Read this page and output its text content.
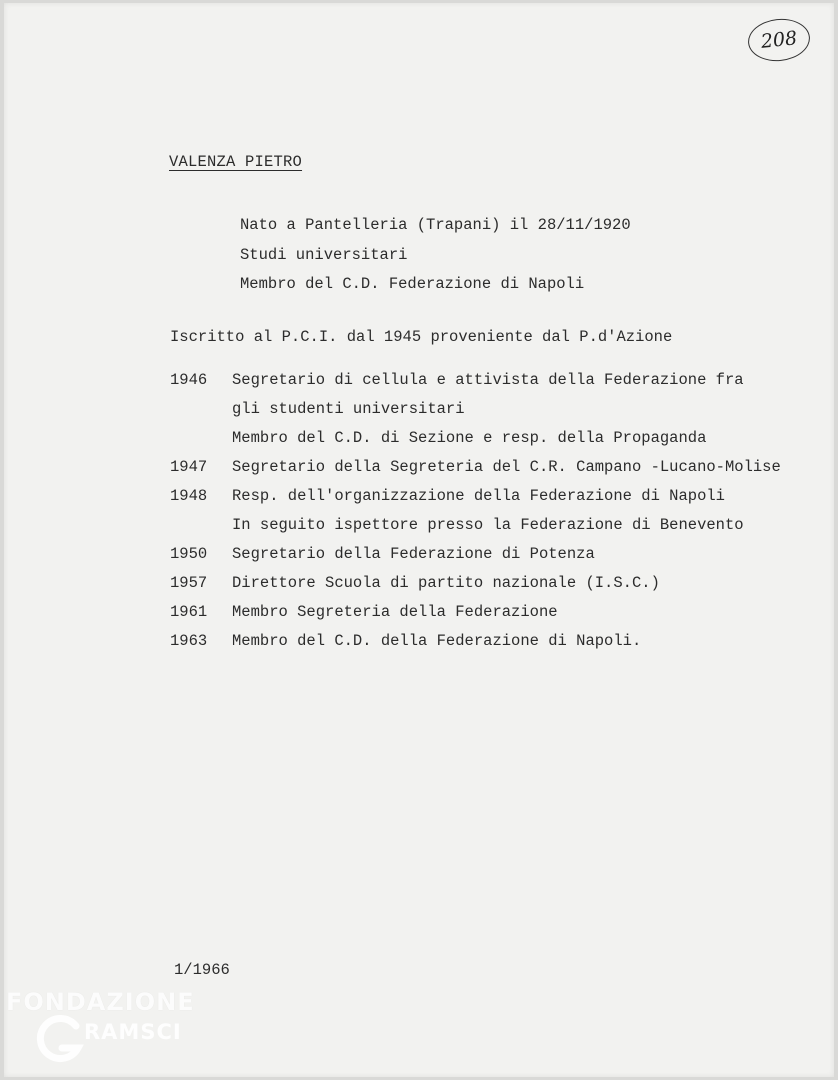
208
VALENZA PIETRO
Nato a Pantelleria (Trapani) il 28/11/1920
Studi universitari
Membro del C.D. Federazione di Napoli
Iscritto al P.C.I. dal 1945 proveniente dal P.d'Azione
1946	Segretario di cellula e attivista della Federazione fra
gli studenti universitari
Membro del C.D. di Sezione e resp. della Propaganda
1947	Segretario della Segreteria del C.R. Campano -Lucano-Molise
1948	Resp. dell'organizzazione della Federazione di Napoli
In seguito ispettore presso la Federazione di Benevento
1950	Segretario della Federazione di Potenza
1957	Direttore Scuola di partito nazionale (I.S.C.)
1961	Membro Segreteria della Federazione
1963	Membro del C.D. della Federazione di Napoli.
1/1966
FONDAZIONE
RAMSCI
